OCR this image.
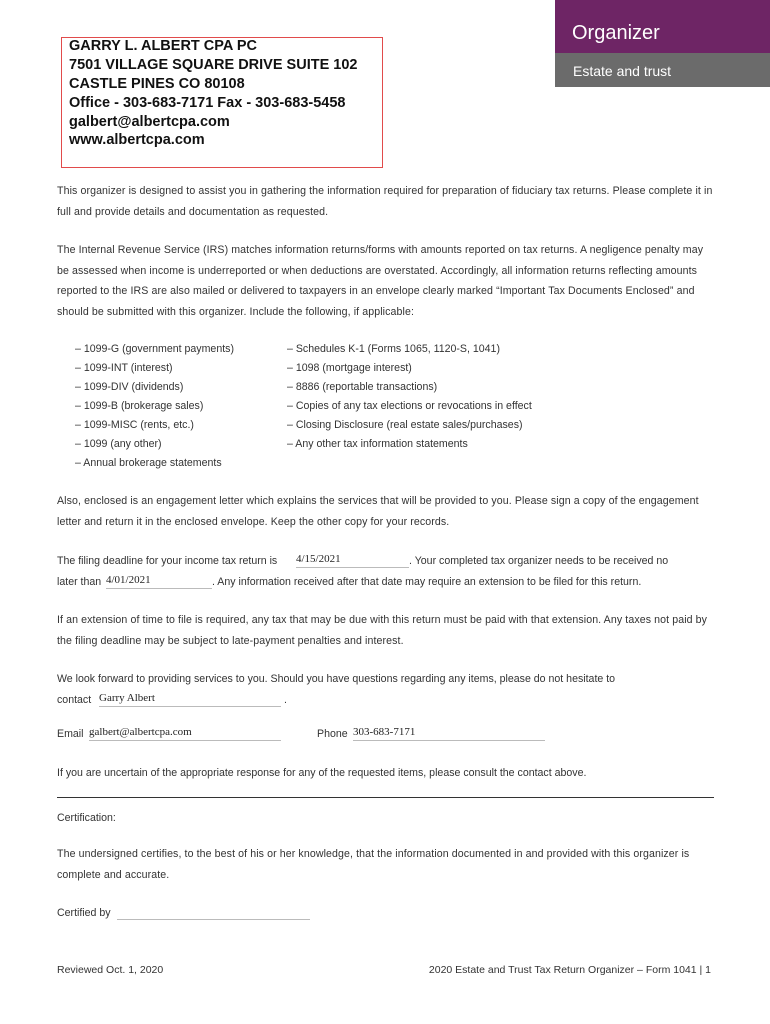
Organizer
Estate and trust
GARRY L. ALBERT CPA PC
7501 VILLAGE SQUARE DRIVE SUITE 102
CASTLE PINES CO 80108
Office - 303-683-7171 Fax - 303-683-5458
galbert@albertcpa.com
www.albertcpa.com
This organizer is designed to assist you in gathering the information required for preparation of fiduciary tax returns. Please complete it in full and provide details and documentation as requested.
The Internal Revenue Service (IRS) matches information returns/forms with amounts reported on tax returns. A negligence penalty may be assessed when income is underreported or when deductions are overstated. Accordingly, all information returns reflecting amounts reported to the IRS are also mailed or delivered to taxpayers in an envelope clearly marked “Important Tax Documents Enclosed” and should be submitted with this organizer. Include the following, if applicable:
– 1099-G (government payments)
– 1099-INT (interest)
– 1099-DIV (dividends)
– 1099-B (brokerage sales)
– 1099-MISC (rents, etc.)
– 1099 (any other)
– Annual brokerage statements
– Schedules K-1 (Forms 1065, 1120-S, 1041)
– 1098 (mortgage interest)
– 8886 (reportable transactions)
– Copies of any tax elections or revocations in effect
– Closing Disclosure (real estate sales/purchases)
– Any other tax information statements
Also, enclosed is an engagement letter which explains the services that will be provided to you. Please sign a copy of the engagement letter and return it in the enclosed envelope. Keep the other copy for your records.
The filing deadline for your income tax return is 4/15/2021	. Your completed tax organizer needs to be received no
later than 4/01/2021	. Any information received after that date may require an extension to be filed for this return.
If an extension of time to file is required, any tax that may be due with this return must be paid with that extension. Any taxes not paid by the filing deadline may be subject to late-payment penalties and interest.
We look forward to providing services to you. Should you have questions regarding any items, please do not hesitate to
contact Garry Albert	.
Email galbert@albertcpa.com	Phone 303-683-7171
If you are uncertain of the appropriate response for any of the requested items, please consult the contact above.
Certification:
The undersigned certifies, to the best of his or her knowledge, that the information documented in and provided with this organizer is complete and accurate.
Certified by
Reviewed Oct. 1, 2020	2020 Estate and Trust Tax Return Organizer – Form 1041 | 1
